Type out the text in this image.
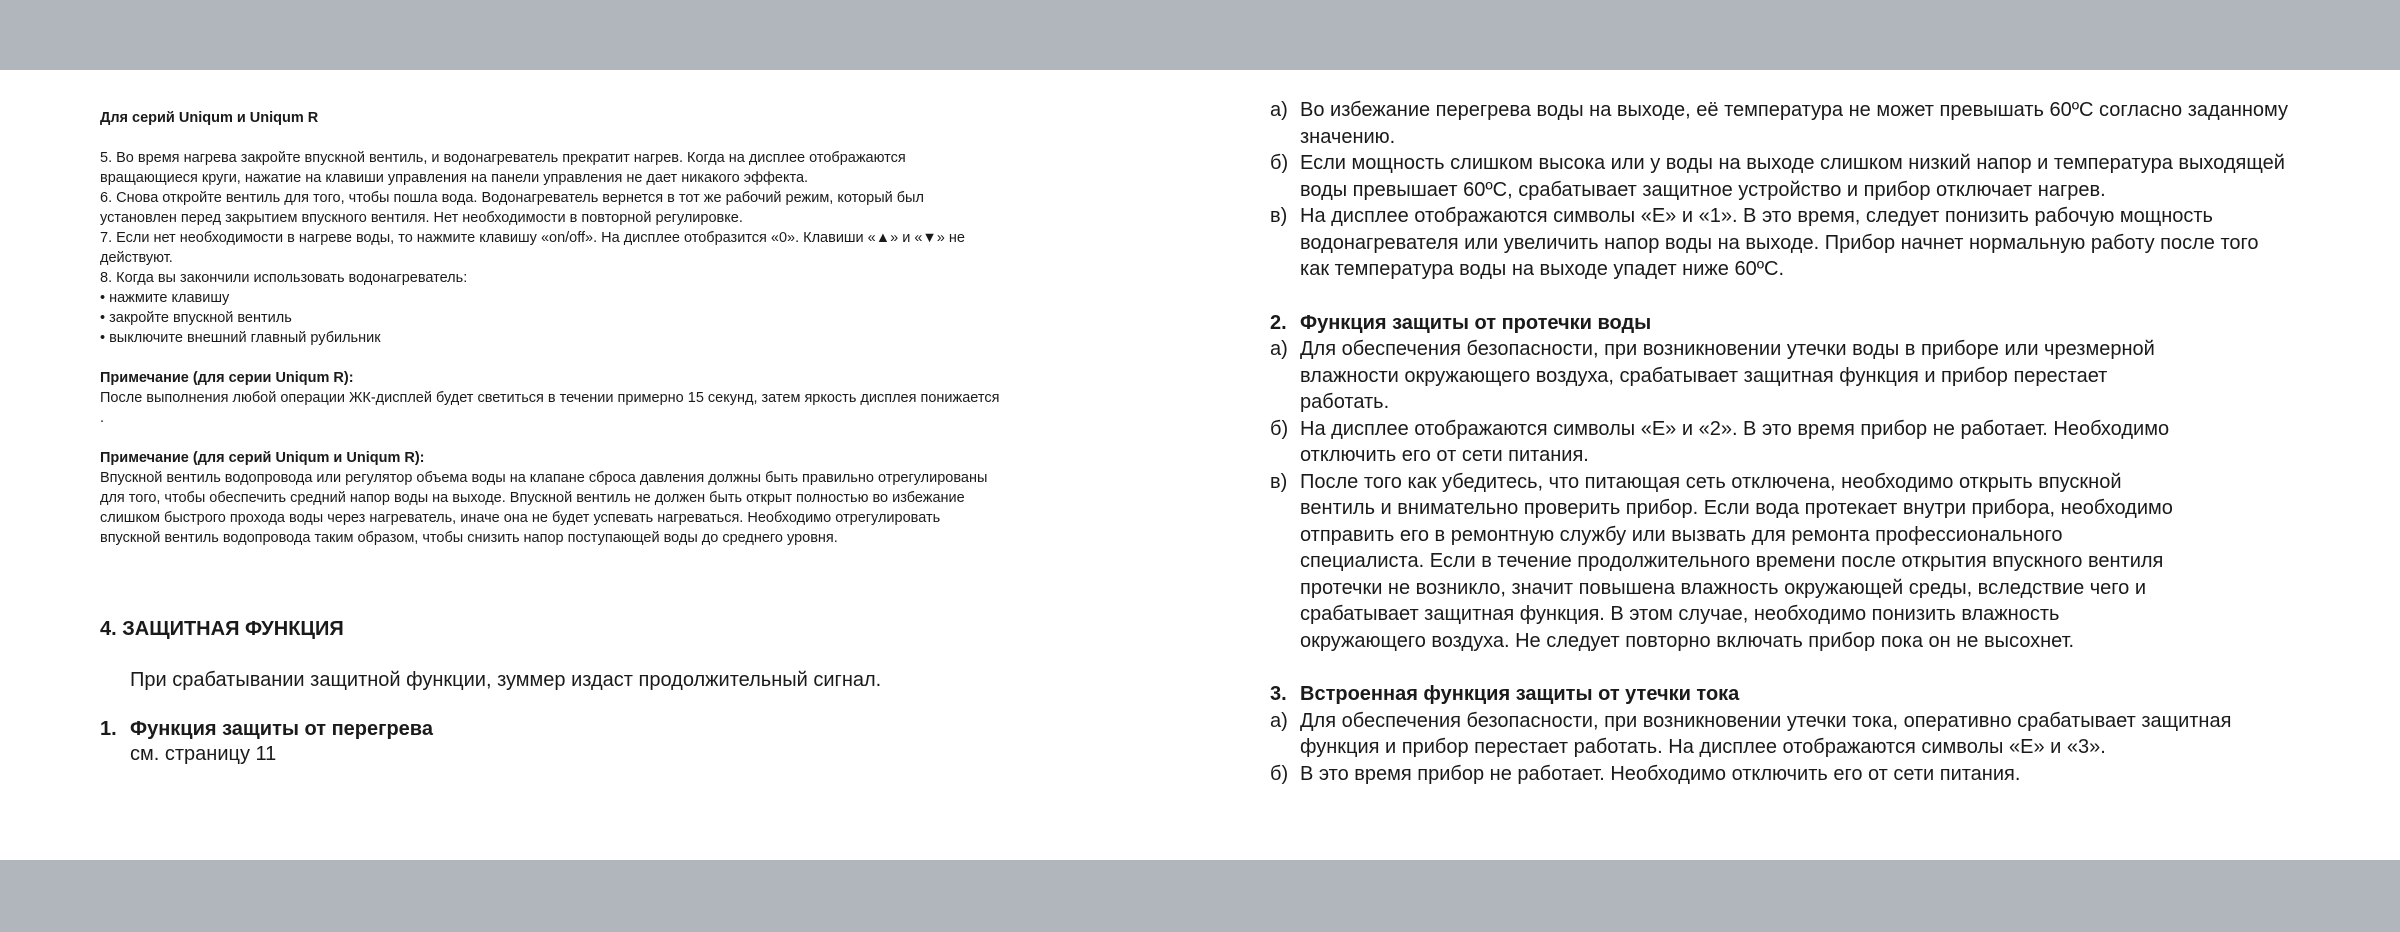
Для серий Uniqum и Uniqum R

5. Во время нагрева закройте впускной вентиль, и водонагреватель прекратит нагрев. Когда на дисплее отображаются

вращающиеся круги, нажатие на клавиши управления на панели управления не дает никакого эффекта.

6. Снова откройте вентиль для того, чтобы пошла вода. Водонагреватель вернется в тот же рабочий режим, который был

установлен перед закрытием впускного вентиля. Нет необходимости в повторной регулировке.

7. Если нет необходимости в нагреве воды, то нажмите клавишу «on/off». На дисплее отобразится «0». Клавиши «▲» и «▼» не

действуют.

8. Когда вы закончили использовать водонагреватель:

• нажмите клавишу

• закройте впускной вентиль

• выключите внешний главный рубильник

Примечание (для серии Uniqum R):

После выполнения любой операции ЖК-дисплей будет светиться в течении примерно 15 секунд, затем яркость дисплея понижается

.

Примечание (для серий Uniqum и Uniqum R):

Впускной вентиль водопровода или регулятор объема воды на клапане сброса давления должны быть правильно отрегулированы

для того, чтобы обеспечить средний напор воды на выходе. Впускной вентиль не должен быть открыт полностью во избежание

слишком быстрого прохода воды через нагреватель, иначе она не будет успевать нагреваться. Необходимо отрегулировать

впускной вентиль водопровода таким образом, чтобы снизить напор поступающей воды до среднего уровня.

4. ЗАЩИТНАЯ ФУНКЦИЯ
При срабатывании защитной функции, зуммер издаст продолжительный сигнал.
1. Функция защиты от перегрева
см. страницу 11
а) Во избежание перегрева воды на выходе, её температура не может превышать 60ºC согласно заданному
значению.
б) Если мощность слишком высока или у воды на выходе слишком низкий напор и температура выходящей
воды превышает 60ºC, срабатывает защитное устройство и прибор отключает нагрев.
в) На дисплее отображаются символы «E» и «1». В это время, следует понизить рабочую мощность
водонагревателя или увеличить напор воды на выходе. Прибор начнет нормальную работу после того
как температура воды на выходе упадет ниже 60ºC.
2. Функция защиты от протечки воды
а) Для обеспечения безопасности, при возникновении утечки воды в приборе или чрезмерной
влажности окружающего воздуха, срабатывает защитная функция и прибор перестает
работать.
б) На дисплее отображаются символы «E» и «2». В это время прибор не работает. Необходимо
отключить его от сети питания.
в) После того как убедитесь, что питающая сеть отключена, необходимо открыть впускной
вентиль и внимательно проверить прибор. Если вода протекает внутри прибора, необходимо
отправить его в ремонтную службу или вызвать для ремонта профессионального
специалиста. Если в течение продолжительного времени после открытия впускного вентиля
протечки не возникло, значит повышена влажность окружающей среды, вследствие чего и
срабатывает защитная функция. В этом случае, необходимо понизить влажность
окружающего воздуха. Не следует повторно включать прибор пока он не высохнет.
3. Встроенная функция защиты от утечки тока
а) Для обеспечения безопасности, при возникновении утечки тока, оперативно срабатывает защитная
функция и прибор перестает работать. На дисплее отображаются символы «E» и «3».
б) В это время прибор не работает. Необходимо отключить его от сети питания.
